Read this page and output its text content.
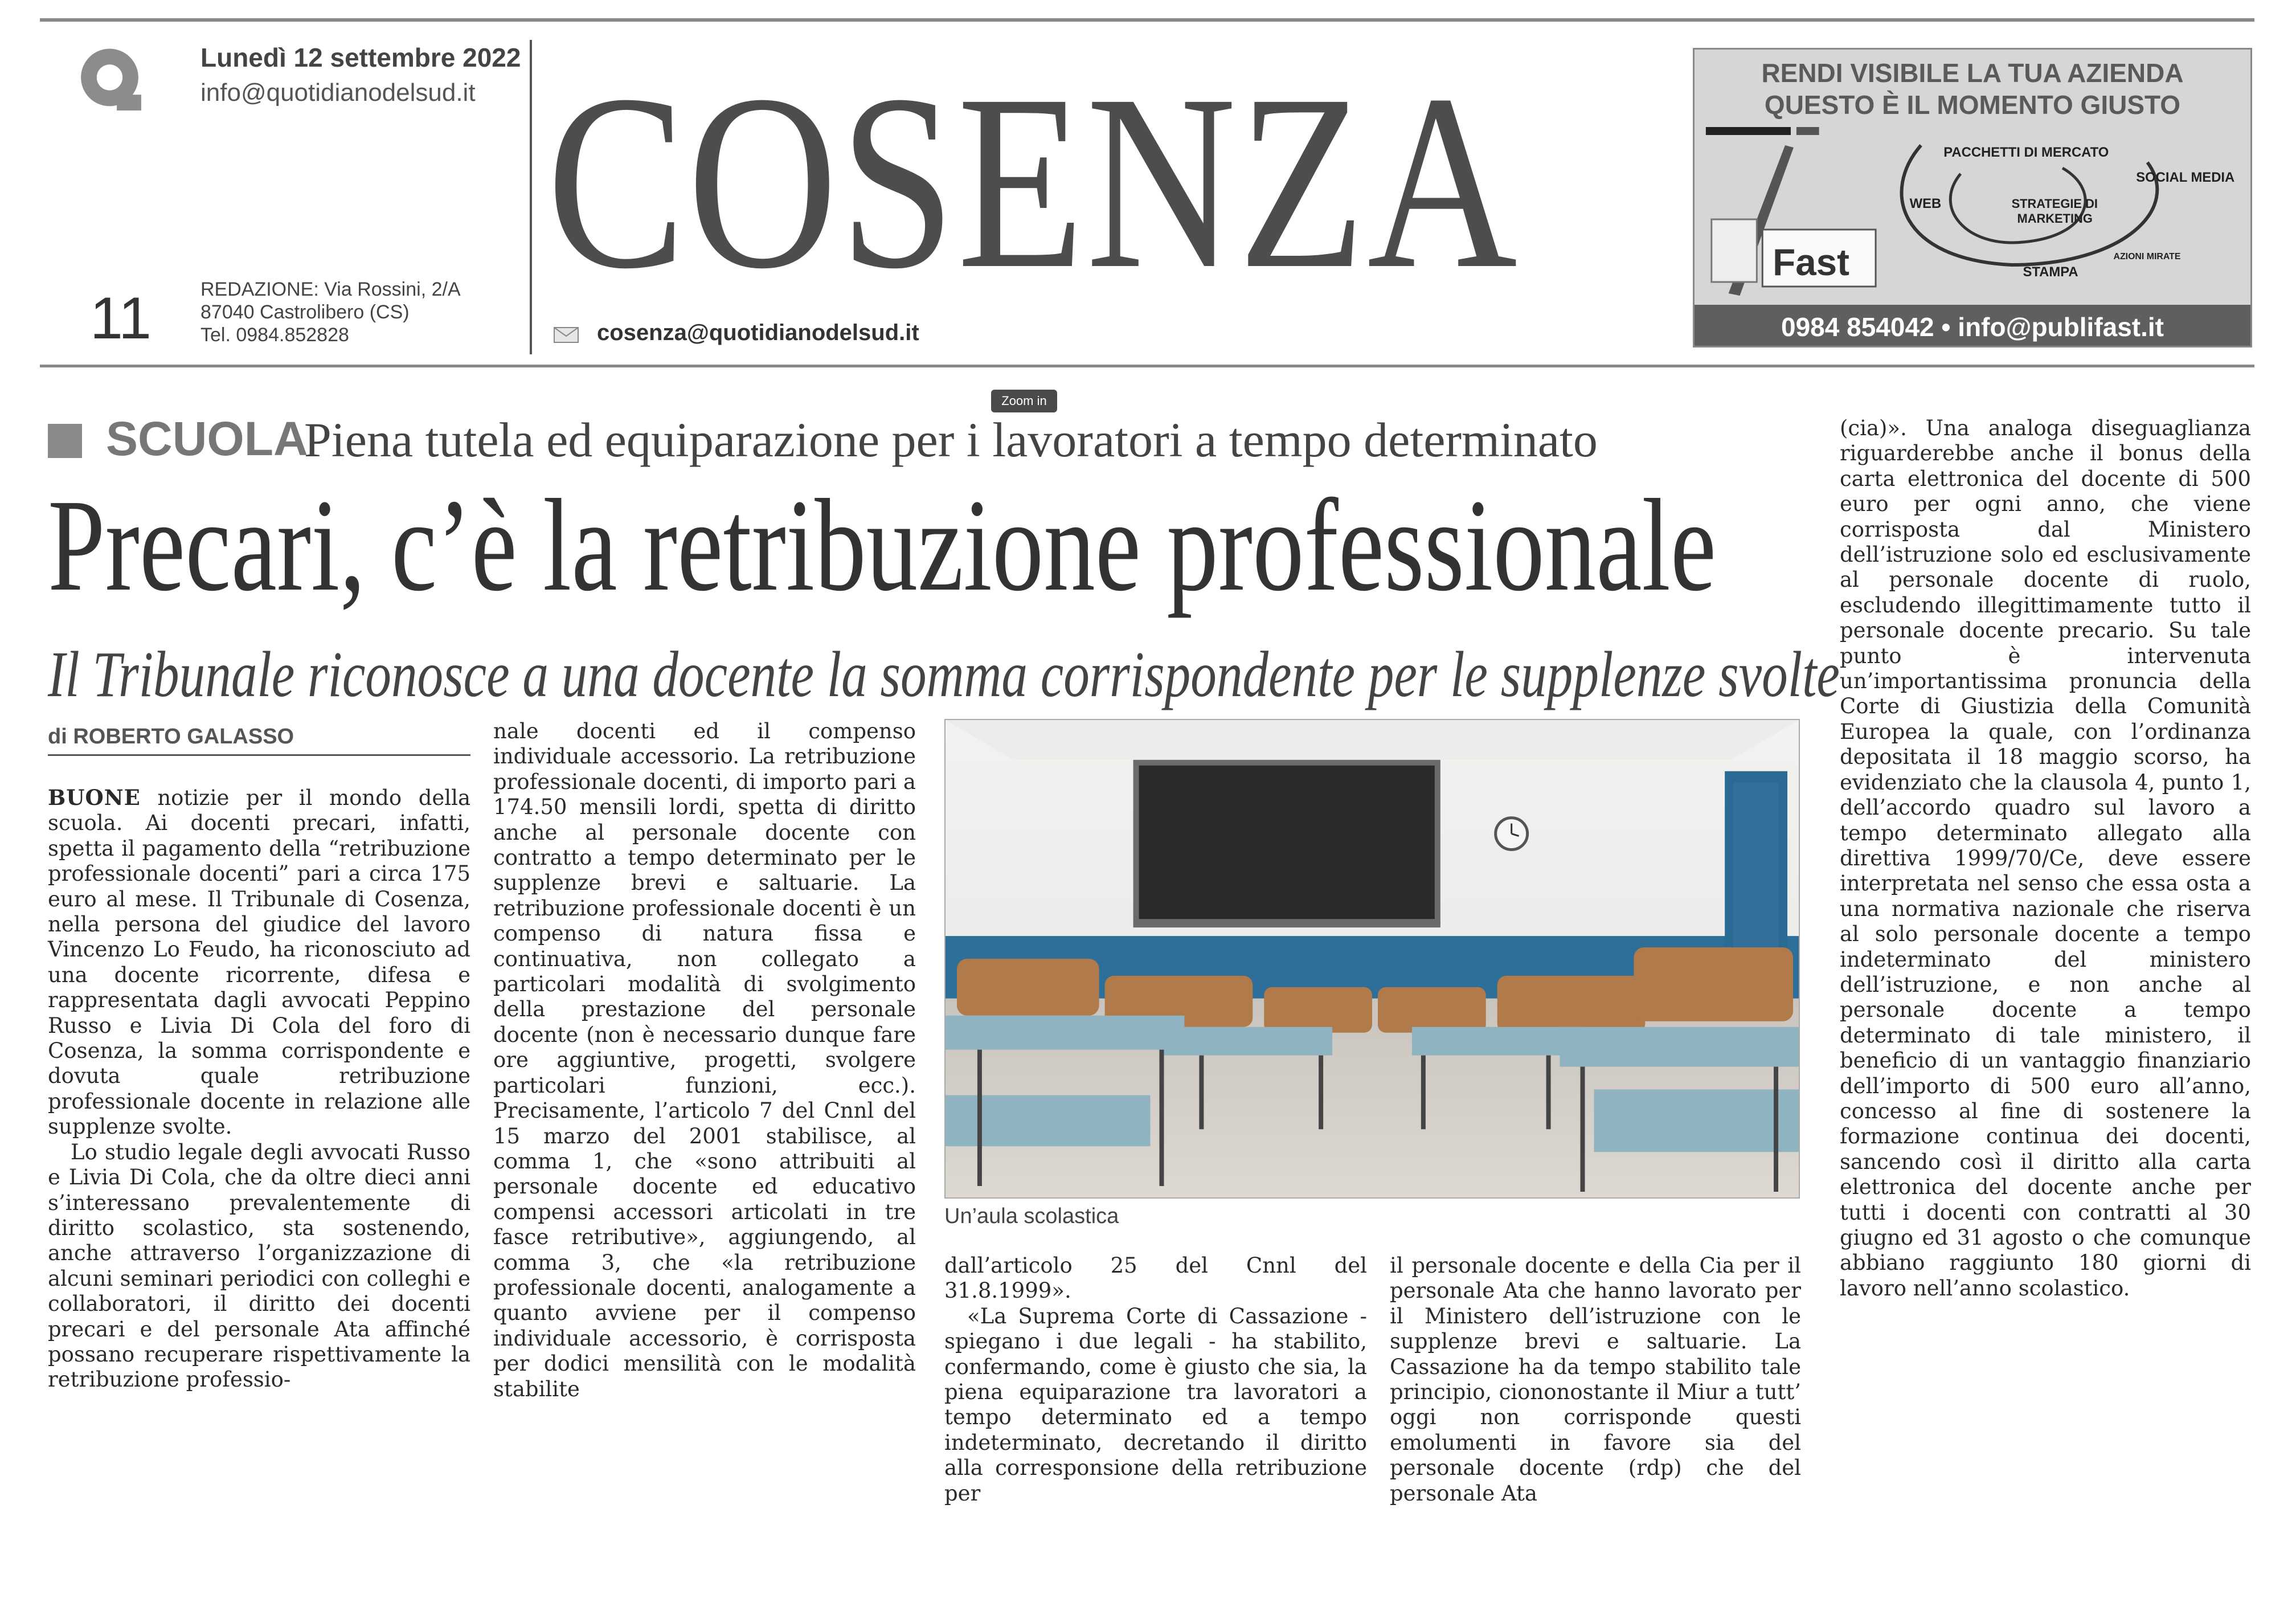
Lunedì 12 settembre 2022
info@quotidianodelsud.it
11	REDAZIONE: Via Rossini, 2/A
87040 Castrolibero (CS)
Tel. 0984.852828
COSENZA
cosenza@quotidianodelsud.it
RENDI VISIBILE LA TUA AZIENDA
QUESTO È IL MOMENTO GIUSTO
PACCHETTI DI MERCATO
SOCIAL MEDIA
STRATEGIE DI
MARKETING
WEB
STAMPA
AZIONI MIRATE
Fast
0984 854042 • info@publifast.it
Zoom in
SCUOLA
Piena tutela ed equiparazione per i lavoratori a tempo determinato
Precari, c’è la retribuzione professionale
Il Tribunale riconosce a una docente la somma corrispondente per le supplenze svolte
di ROBERTO GALASSO

BUONE notizie per il mondo della scuola. Ai docenti precari, infatti, spetta il pagamento della “retribuzione professionale docenti” pari a circa 175 euro al mese. Il Tribunale di Cosenza, nella persona del giudice del lavoro Vincenzo Lo Feudo, ha riconosciuto ad una docente ricorrente, difesa e rappresentata dagli avvocati Peppino Russo e Livia Di Cola del foro di Cosenza, la somma corrispondente e dovuta quale retribuzione professionale docente in relazione alle supplenze svolte.

Lo studio legale degli avvocati Russo e Livia Di Cola, che da oltre dieci anni s’interessano prevalentemente di diritto scolastico, sta sostenendo, anche attraverso l’organizzazione di alcuni seminari periodici con colleghi e collaboratori, il diritto dei docenti precari e del personale Ata affinché possano recuperare rispettivamente la retribuzione professio-

nale docenti ed il compenso individuale accessorio. La retribuzione professionale docenti, di importo pari a 174.50 mensili lordi, spetta di diritto anche al personale docente con contratto a tempo determinato per le supplenze brevi e saltuarie. La retribuzione professionale docenti è un compenso di natura fissa e continuativa, non collegato a particolari modalità di svolgimento della prestazione del personale docente (non è necessario dunque fare ore aggiuntive, progetti, svolgere particolari funzioni, ecc.). Precisamente, l’articolo 7 del Cnnl del 15 marzo del 2001 stabilisce, al comma 1, che «sono attribuiti al personale docente ed educativo compensi accessori articolati in tre fasce retributive», aggiungendo, al comma 3, che «la retribuzione professionale docenti, analogamente a quanto avviene per il compenso individuale accessorio, è corrisposta per dodici mensilità con le modalità stabilite

Un’aula scolastica

dall’articolo 25 del Cnnl del 31.8.1999».

«La Suprema Corte di Cassazione - spiegano i due legali - ha stabilito, confermando, come è giusto che sia, la piena equiparazione tra lavoratori a tempo determinato ed a tempo indeterminato, decretando il diritto alla corresponsione della retribuzione per

il personale docente e della Cia per il personale Ata che hanno lavorato per il Ministero dell’istruzione con le supplenze brevi e saltuarie. La Cassazione ha da tempo stabilito tale principio, ciononostante il Miur a tutt’ oggi non corrisponde questi emolumenti in favore sia del personale docente (rdp) che del personale Ata

(cia)». Una analoga diseguaglianza riguarderebbe anche il bonus della carta elettronica del docente di 500 euro per ogni anno, che viene corrisposta dal Ministero dell’istruzione solo ed esclusivamente al personale docente di ruolo, escludendo illegittimamente tutto il personale docente precario. Su tale punto è intervenuta un’importantissima pronuncia della Corte di Giustizia della Comunità Europea la quale, con l’ordinanza depositata il 18 maggio scorso, ha evidenziato che la clausola 4, punto 1, dell’accordo quadro sul lavoro a tempo determinato allegato alla direttiva 1999/70/Ce, deve essere interpretata nel senso che essa osta a una normativa nazionale che riserva al solo personale docente a tempo indeterminato del ministero dell’istruzione, e non anche al personale docente a tempo determinato di tale ministero, il beneficio di un vantaggio finanziario dell’importo di 500 euro all’anno, concesso al fine di sostenere la formazione continua dei docenti, sancendo così il diritto alla carta elettronica del docente anche per tutti i docenti con contratti al 30 giugno ed 31 agosto o che comunque abbiano raggiunto 180 giorni di lavoro nell’anno scolastico.
